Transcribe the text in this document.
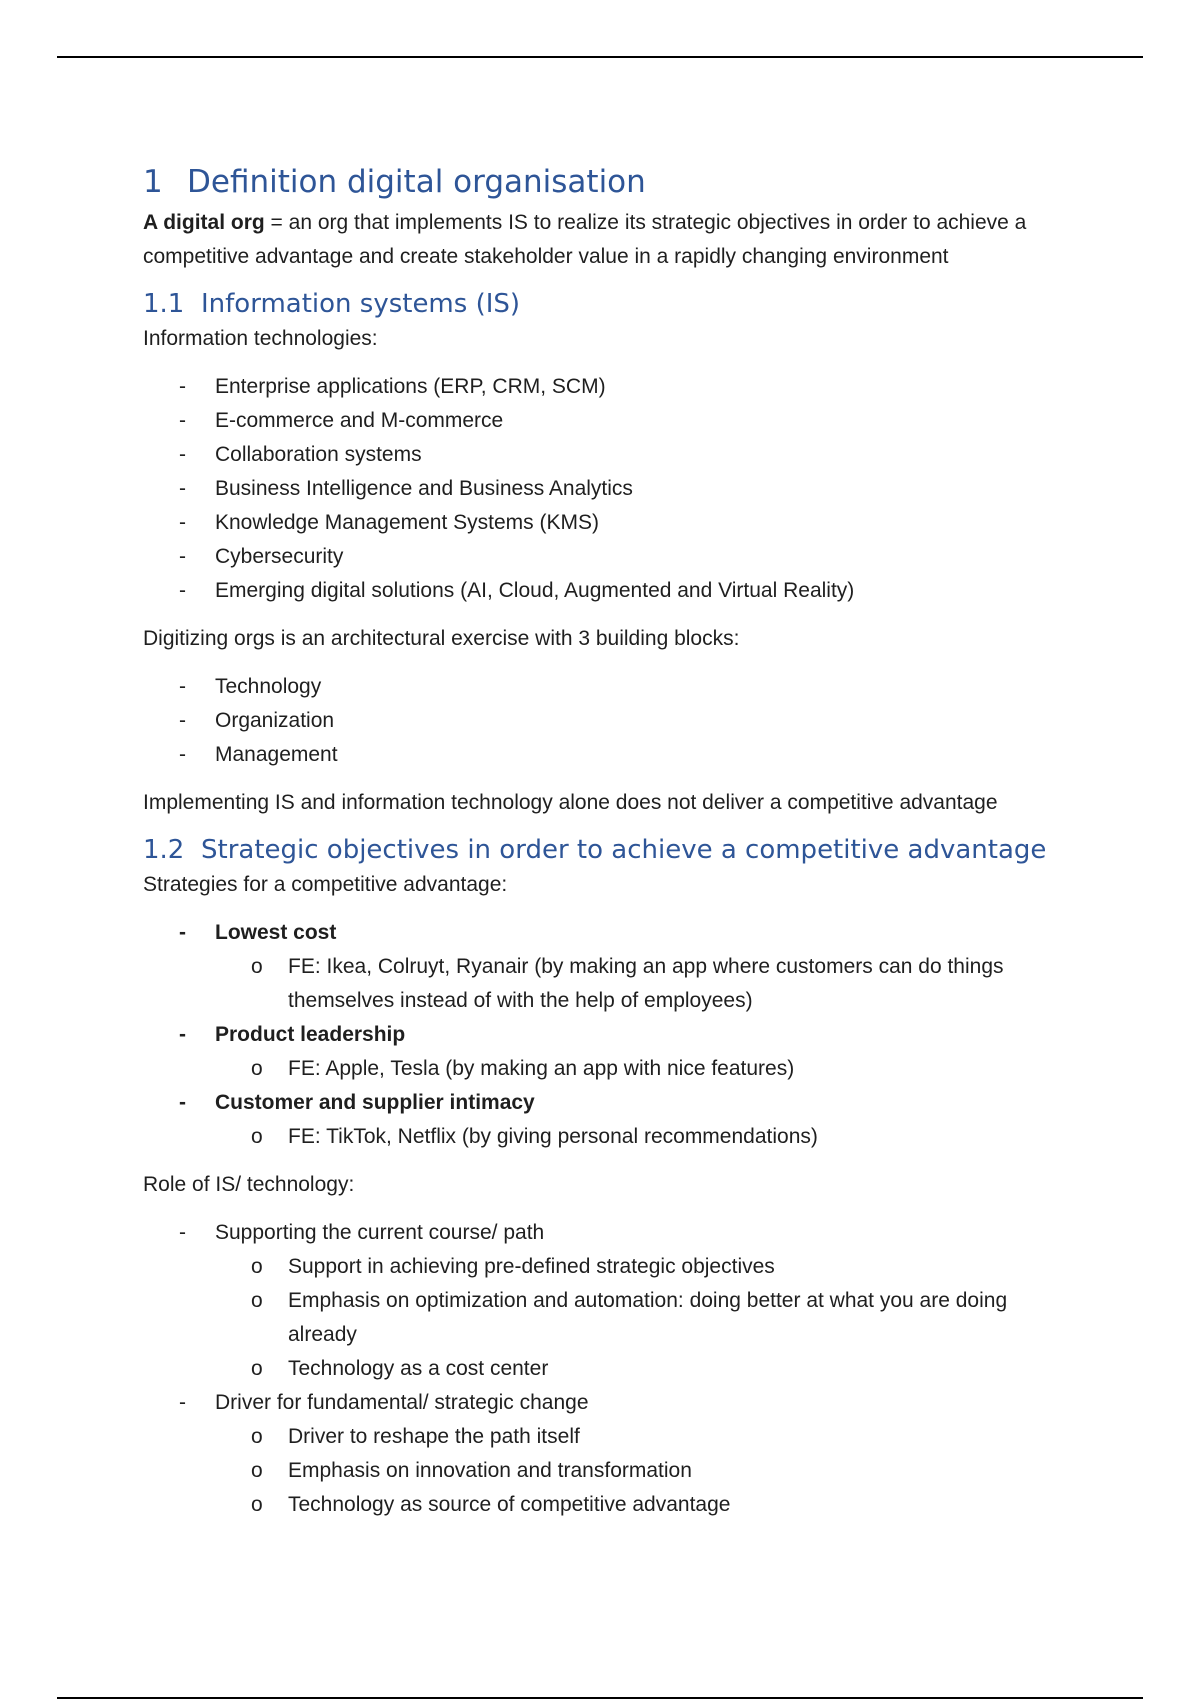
1 Definition digital organisation

A digital org = an org that implements IS to realize its strategic objectives in order to achieve a competitive advantage and create stakeholder value in a rapidly changing environment

1.1 Information systems (IS)

Information technologies:

- Enterprise applications (ERP, CRM, SCM)
- E-commerce and M-commerce
- Collaboration systems
- Business Intelligence and Business Analytics
- Knowledge Management Systems (KMS)
- Cybersecurity
- Emerging digital solutions (AI, Cloud, Augmented and Virtual Reality)

Digitizing orgs is an architectural exercise with 3 building blocks:

- Technology
- Organization
- Management

Implementing IS and information technology alone does not deliver a competitive advantage

1.2 Strategic objectives in order to achieve a competitive advantage

Strategies for a competitive advantage:

- Lowest cost
o FE: Ikea, Colruyt, Ryanair (by making an app where customers can do things themselves instead of with the help of employees)
- Product leadership
o FE: Apple, Tesla (by making an app with nice features)
- Customer and supplier intimacy
o FE: TikTok, Netflix (by giving personal recommendations)

Role of IS/ technology:

- Supporting the current course/ path
o Support in achieving pre-defined strategic objectives
o Emphasis on optimization and automation: doing better at what you are doing already
o Technology as a cost center
- Driver for fundamental/ strategic change
o Driver to reshape the path itself
o Emphasis on innovation and transformation
o Technology as source of competitive advantage
